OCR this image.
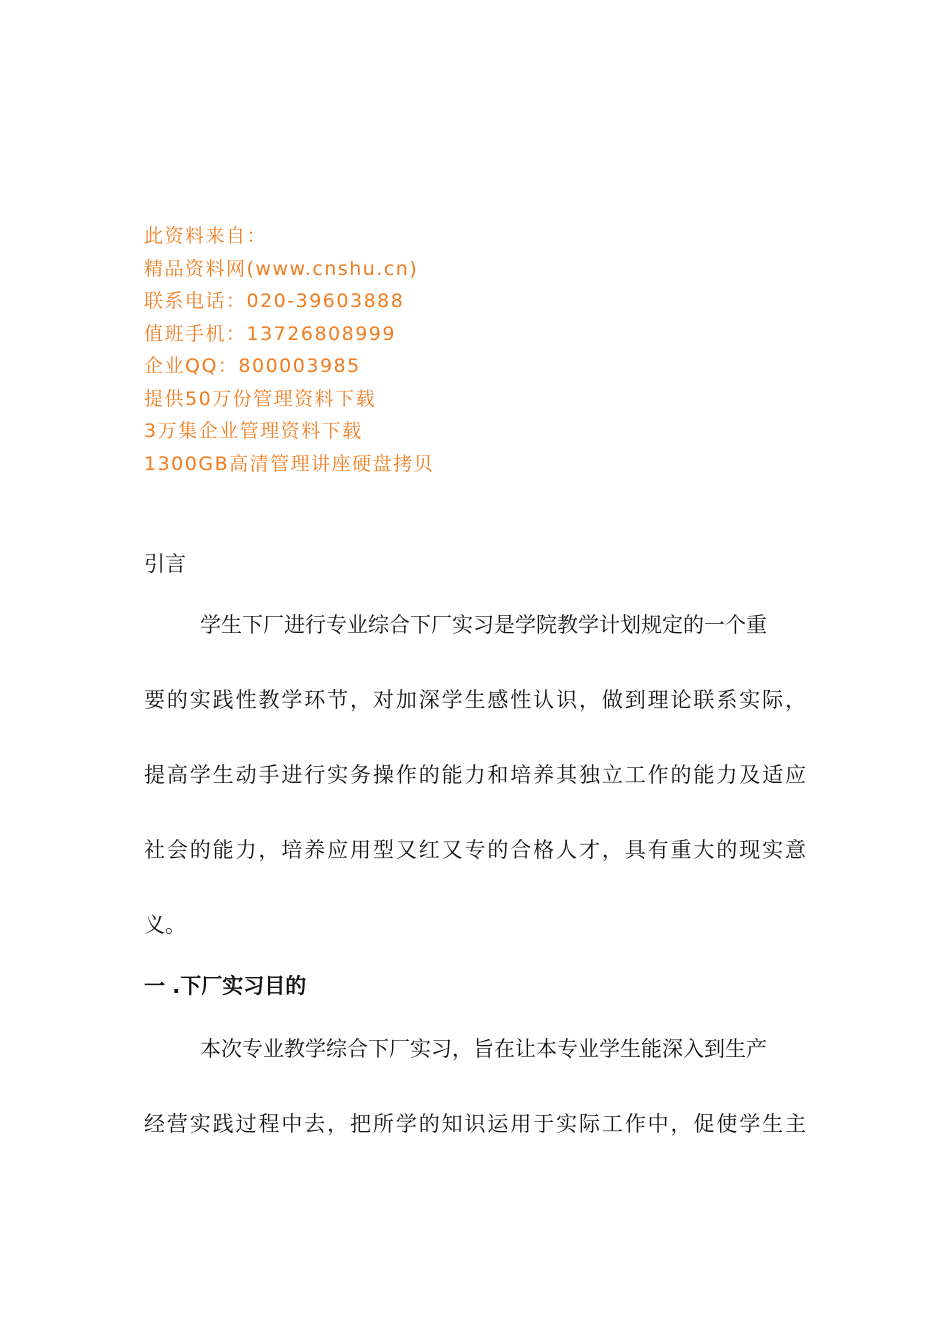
此资料来自：
精品资料网(www.cnshu.cn)
联系电话：020-39603888
值班手机：13726808999
企业QQ：800003985
提供50万份管理资料下载
3万集企业管理资料下载
1300GB高清管理讲座硬盘拷贝
引言
学生下厂进行专业综合下厂实习是学院教学计划规定的一个重
要的实践性教学环节，对加深学生感性认识，做到理论联系实际，
提高学生动手进行实务操作的能力和培养其独立工作的能力及适应
社会的能力，培养应用型又红又专的合格人才，具有重大的现实意
义。
一 .下厂实习目的
本次专业教学综合下厂实习，旨在让本专业学生能深入到生产
经营实践过程中去，把所学的知识运用于实际工作中，促使学生主
